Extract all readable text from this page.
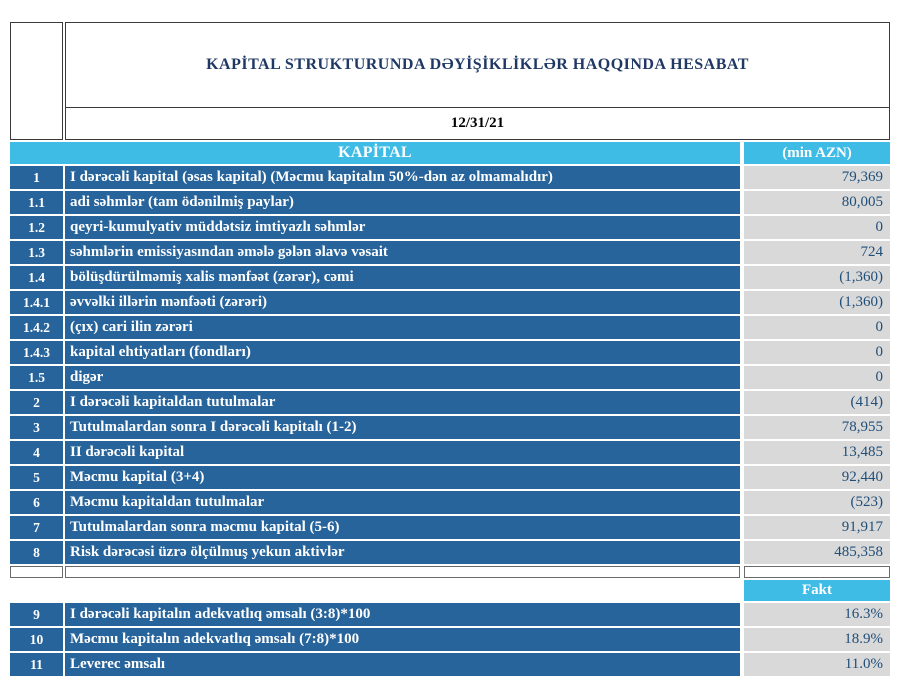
KAPİTAL STRUKTURUNDA DƏYİŞİKLİKLƏR HAQQINDA HESABAT
12/31/21
KAPİTAL	(min AZN)
1	I dərəcəli kapital (əsas kapital) (Məcmu kapitalın 50%-dən az olmamalıdır)	79,369
1.1	adi səhmlər (tam ödənilmiş paylar)	80,005
1.2	qeyri-kumulyativ müddətsiz imtiyazlı səhmlər	0
1.3	səhmlərin emissiyasından əmələ gələn əlavə vəsait	724
1.4	bölüşdürülməmiş xalis mənfəət (zərər), cəmi	(1,360)
1.4.1	əvvəlki illərin mənfəəti (zərəri)	(1,360)
1.4.2	(çıx) cari ilin zərəri	0
1.4.3	kapital ehtiyatları (fondları)	0
1.5	digər	0
2	I dərəcəli kapitaldan tutulmalar	(414)
3	Tutulmalardan sonra I dərəcəli kapitalı (1-2)	78,955
4	II dərəcəli kapital	13,485
5	Məcmu kapital (3+4)	92,440
6	Məcmu kapitaldan tutulmalar	(523)
7	Tutulmalardan sonra məcmu kapital (5-6)	91,917
8	Risk dərəcəsi üzrə ölçülmuş yekun aktivlər	485,358
Fakt
9	I dərəcəli kapitalın adekvatlıq əmsalı (3:8)*100	16.3%
10	Məcmu kapitalın adekvatlıq əmsalı (7:8)*100	18.9%
11	Leverec əmsalı	11.0%
